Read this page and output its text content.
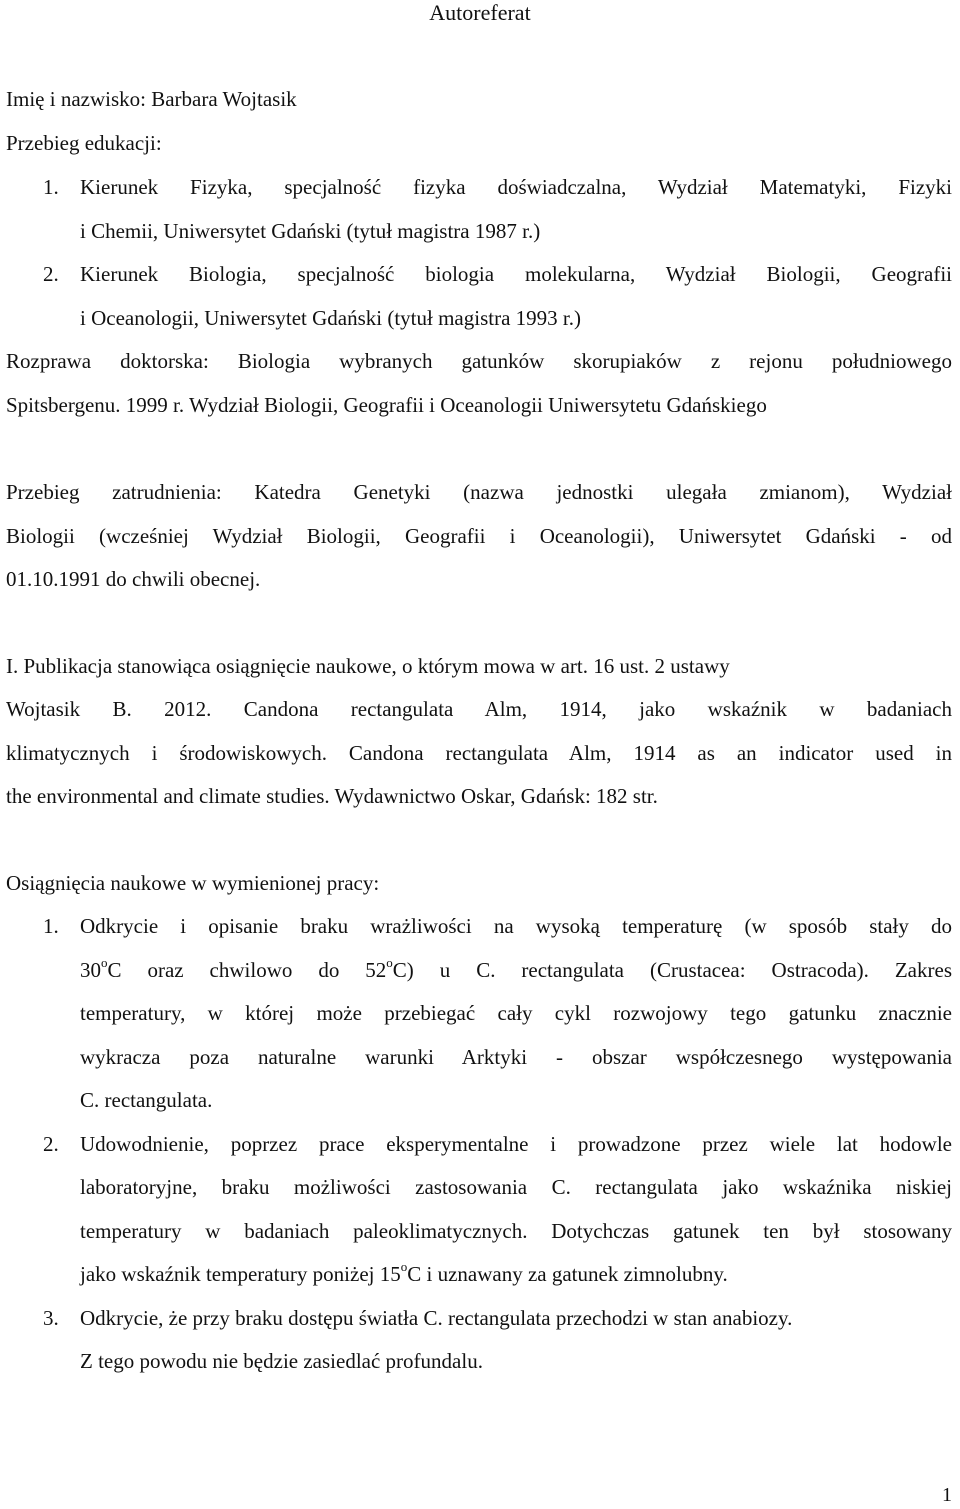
Autoreferat
Imię i nazwisko: Barbara Wojtasik
Przebieg edukacji:
1. Kierunek Fizyka, specjalność fizyka doświadczalna, Wydział Matematyki, Fizyki
i Chemii, Uniwersytet Gdański (tytuł magistra 1987 r.)
2. Kierunek Biologia, specjalność biologia molekularna, Wydział Biologii, Geografii
i Oceanologii, Uniwersytet Gdański (tytuł magistra 1993 r.)
Rozprawa doktorska: Biologia wybranych gatunków skorupiaków z rejonu południowego
Spitsbergenu. 1999 r. Wydział Biologii, Geografii i Oceanologii Uniwersytetu Gdańskiego
Przebieg zatrudnienia: Katedra Genetyki (nazwa jednostki ulegała zmianom), Wydział
Biologii (wcześniej Wydział Biologii, Geografii i Oceanologii), Uniwersytet Gdański - od
01.10.1991 do chwili obecnej.
I. Publikacja stanowiąca osiągnięcie naukowe, o którym mowa w art. 16 ust. 2 ustawy
Wojtasik B. 2012. Candona rectangulata Alm, 1914, jako wskaźnik w badaniach
klimatycznych i środowiskowych. Candona rectangulata Alm, 1914 as an indicator used in
the environmental and climate studies. Wydawnictwo Oskar, Gdańsk: 182 str.
Osiągnięcia naukowe w wymienionej pracy:
1. Odkrycie i opisanie braku wrażliwości na wysoką temperaturę (w sposób stały do
30$^o$C oraz chwilowo do 52$^o$C) u C. rectangulata (Crustacea: Ostracoda). Zakres
temperatury, w której może przebiegać cały cykl rozwojowy tego gatunku znacznie
wykracza poza naturalne warunki Arktyki - obszar współczesnego występowania
C. rectangulata.
2. Udowodnienie, poprzez prace eksperymentalne i prowadzone przez wiele lat hodowle
laboratoryjne, braku możliwości zastosowania C. rectangulata jako wskaźnika niskiej
temperatury w badaniach paleoklimatycznych. Dotychczas gatunek ten był stosowany
jako wskaźnik temperatury poniżej 15$^o$C i uznawany za gatunek zimnolubny.
3. Odkrycie, że przy braku dostępu światła C. rectangulata przechodzi w stan anabiozy.
Z tego powodu nie będzie zasiedlać profundalu.
1
